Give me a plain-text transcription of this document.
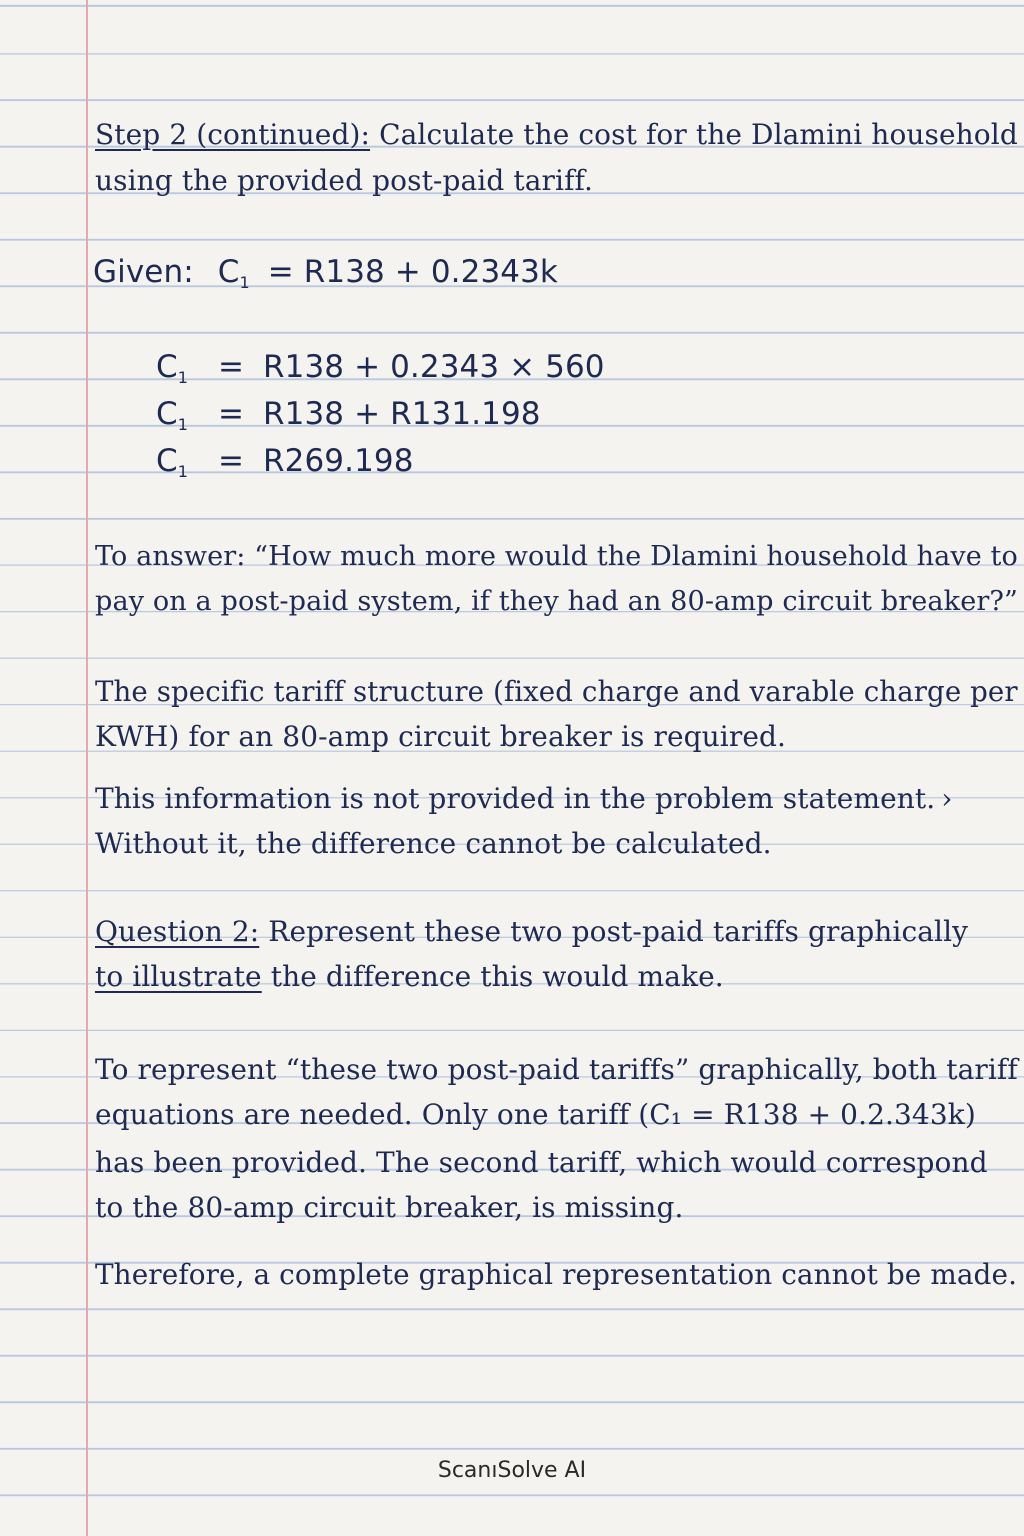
Step 2 (continued): Calculate the cost for the Dlamini household
using the provided post-paid tariff.
Given: $C_1 = R138 + 0.2343k$
$C_1 = R138 + 0.2343 \times 560$
$C_1 = R138 + R131.198$
$C_1 = R269.198$
To answer: “How much more would the Dlamini household have to
pay on a post-paid system, if they had an 80-amp circuit breaker?”
The specific tariff structure (fixed charge and varable charge per
KWH) for an 80-amp circuit breaker is required.
This information is not provided in the problem statement. ›
Without it, the difference cannot be calculated.
Question 2: Represent these two post-paid tariffs graphically
to illustrate the difference this would make.
To represent “these two post-paid tariffs” graphically, both tariff
equations are needed. Only one tariff (C₁ = R138 + 0.2.343k)
has been provided. The second tariff, which would correspond
to the 80-amp circuit breaker, is missing.
Therefore, a complete graphical representation cannot be made.
ScanıSolve AI
